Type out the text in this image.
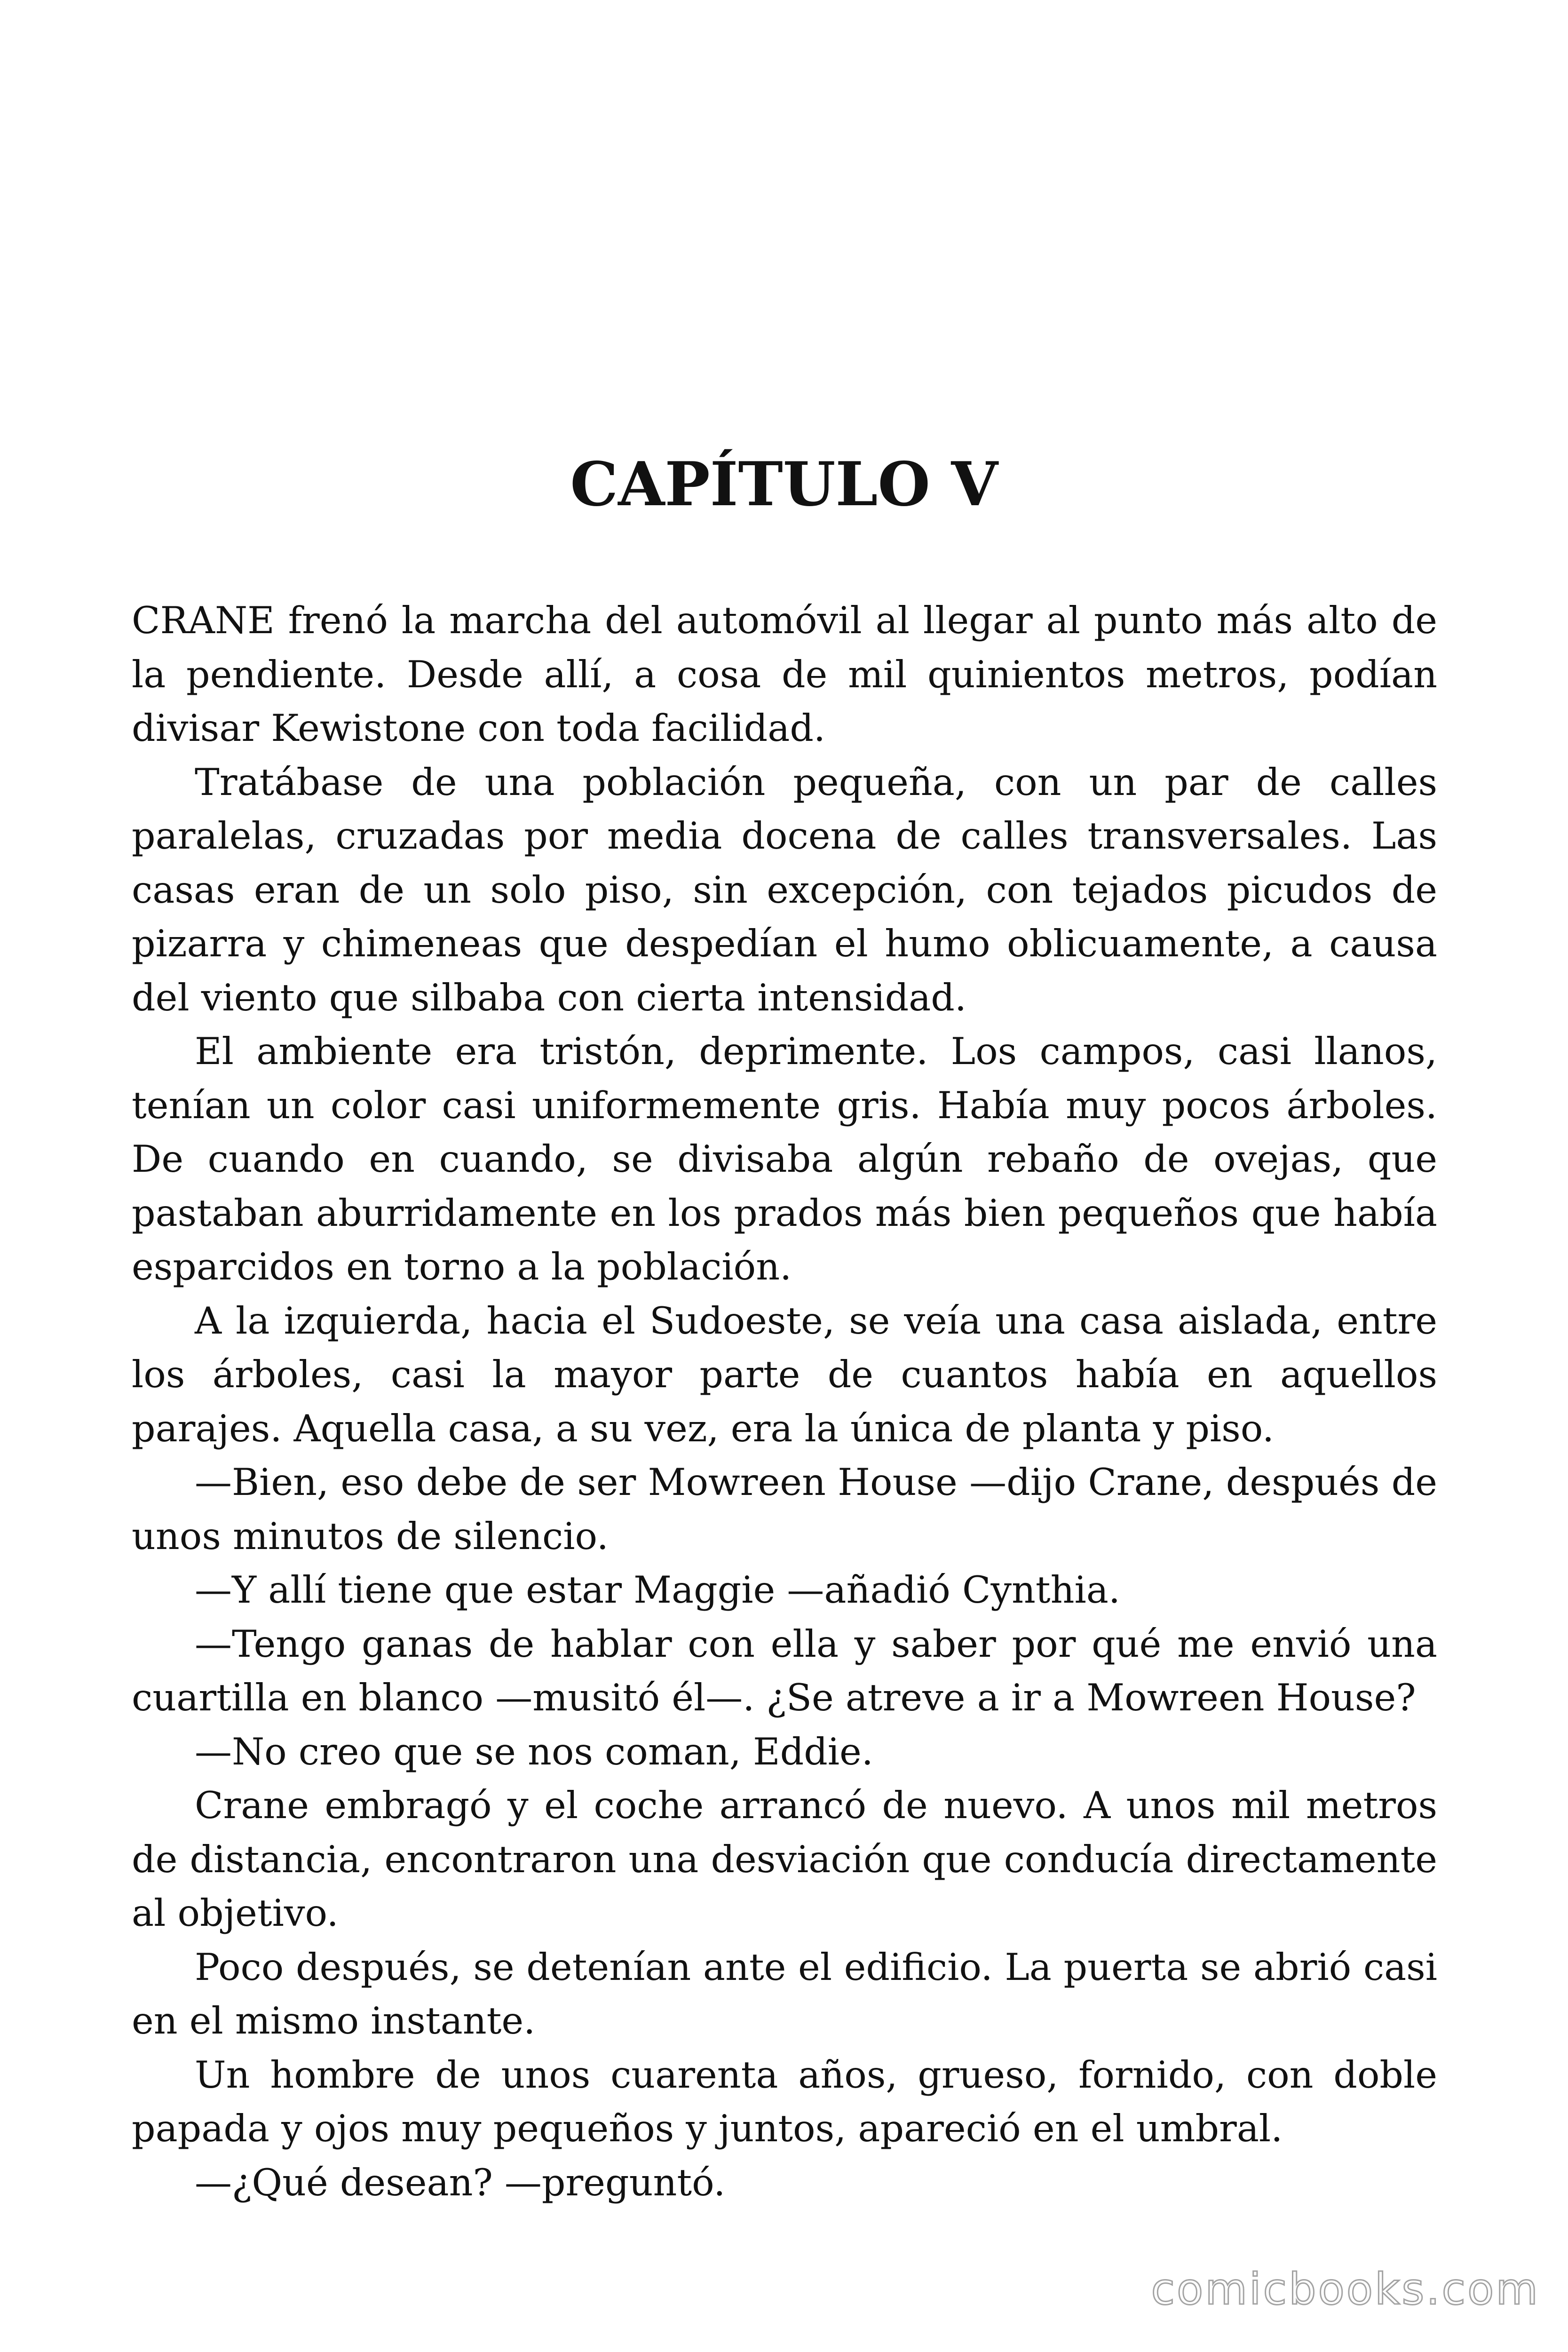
CAPÍTULO V

CRANE frenó la marcha del automóvil al llegar al punto más alto de la pendiente. Desde allí, a cosa de mil quinientos metros, podían divisar Kewistone con toda facilidad.

Tratábase de una población pequeña, con un par de calles paralelas, cruzadas por media docena de calles transversales. Las casas eran de un solo piso, sin excepción, con tejados picudos de pizarra y chimeneas que despedían el humo oblicuamente, a causa del viento que silbaba con cierta intensidad.

El ambiente era tristón, deprimente. Los campos, casi llanos, tenían un color casi uniformemente gris. Había muy pocos árboles. De cuando en cuando, se divisaba algún rebaño de ovejas, que pastaban aburridamente en los prados más bien pequeños que había esparcidos en torno a la población.

A la izquierda, hacia el Sudoeste, se veía una casa aislada, entre los árboles, casi la mayor parte de cuantos había en aquellos parajes. Aquella casa, a su vez, era la única de planta y piso.

—Bien, eso debe de ser Mowreen House —dijo Crane, después de unos minutos de silencio.

—Y allí tiene que estar Maggie —añadió Cynthia.

—Tengo ganas de hablar con ella y saber por qué me envió una cuartilla en blanco —musitó él—. ¿Se atreve a ir a Mowreen House?

—No creo que se nos coman, Eddie.

Crane embragó y el coche arrancó de nuevo. A unos mil metros de distancia, encontraron una desviación que conducía directamente al objetivo.

Poco después, se detenían ante el edificio. La puerta se abrió casi en el mismo instante.

Un hombre de unos cuarenta años, grueso, fornido, con doble papada y ojos muy pequeños y juntos, apareció en el umbral.

—¿Qué desean? —preguntó.

comicbooks.com
